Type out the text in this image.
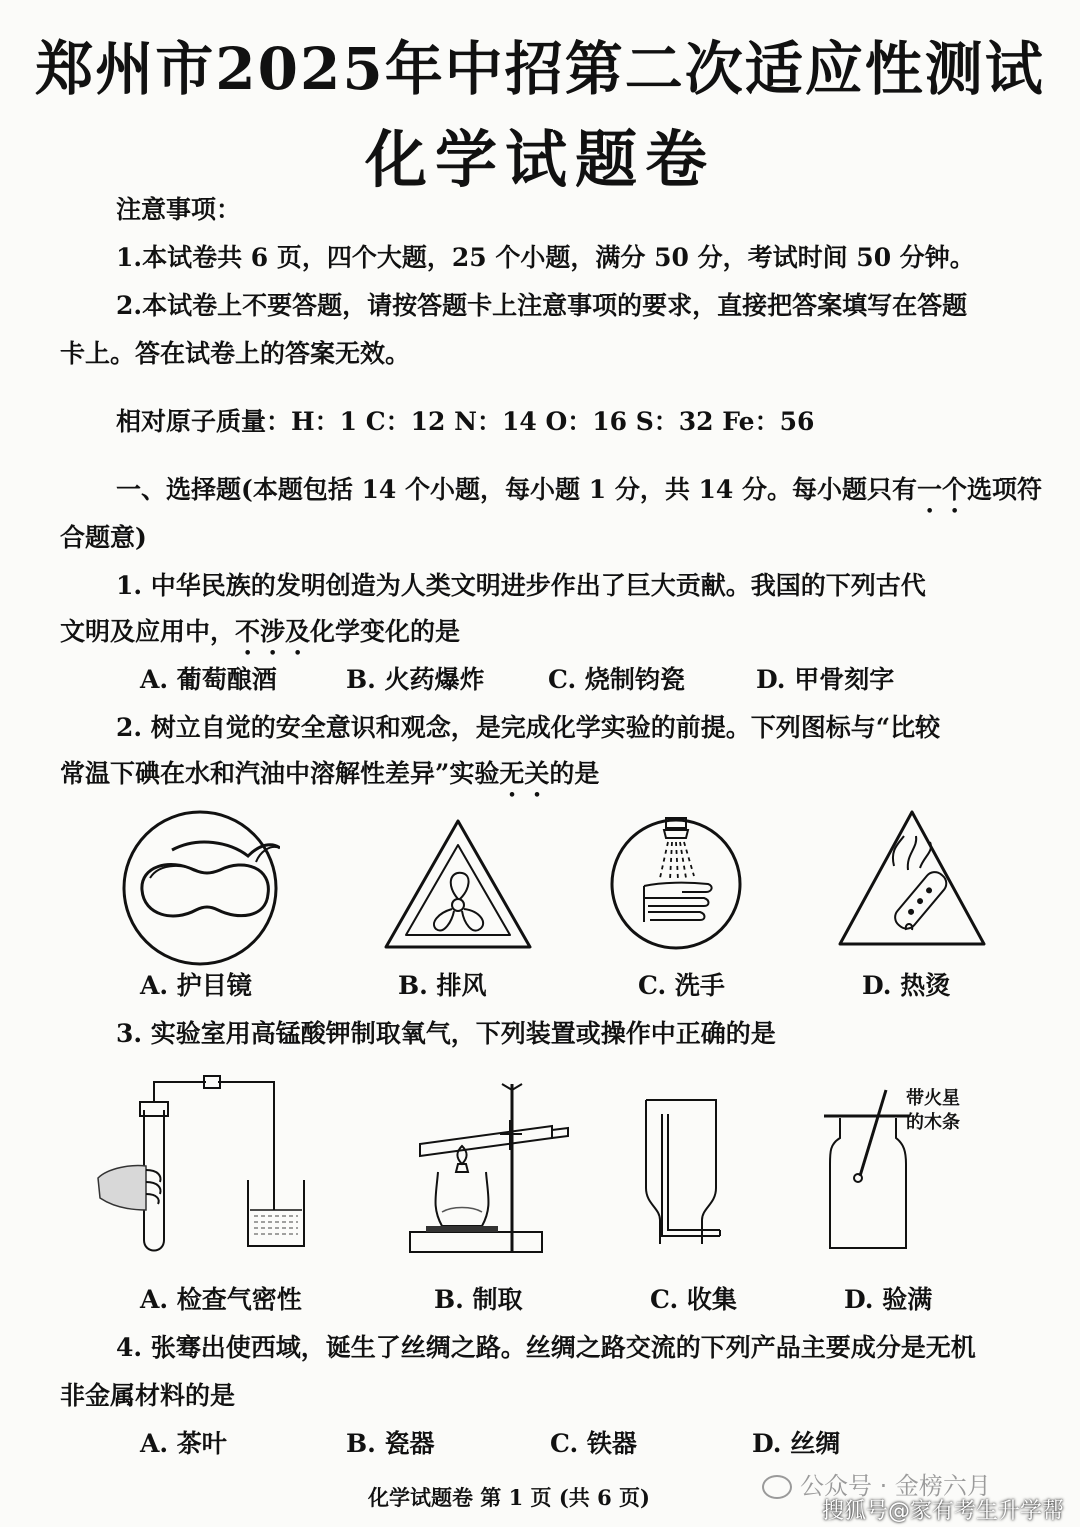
郑州市2025年中招第二次适应性测试
化学试题卷
注意事项：
1.本试卷共 6 页，四个大题，25 个小题，满分 50 分，考试时间 50 分钟。
2.本试卷上不要答题，请按答题卡上注意事项的要求，直接把答案填写在答题
卡上。答在试卷上的答案无效。
相对原子质量：H：1 C：12 N：14 O：16 S：32 Fe：56
一、选择题(本题包括 14 个小题，每小题 1 分，共 14 分。每小题只有一个选项符
合题意)
1. 中华民族的发明创造为人类文明进步作出了巨大贡献。我国的下列古代
文明及应用中，不涉及化学变化的是
A. 葡萄酿酒	B. 火药爆炸	C. 烧制钧瓷	D. 甲骨刻字
2. 树立自觉的安全意识和观念，是完成化学实验的前提。下列图标与“比较
常温下碘在水和汽油中溶解性差异”实验无关的是
A. 护目镜	B. 排风	C. 洗手	D. 热烫
3. 实验室用高锰酸钾制取氧气，下列装置或操作中正确的是
带火星
的木条
A. 检查气密性	B. 制取	C. 收集	D. 验满
4. 张骞出使西域，诞生了丝绸之路。丝绸之路交流的下列产品主要成分是无机
非金属材料的是
A. 茶叶	B. 瓷器	C. 铁器	D. 丝绸
化学试题卷 第 1 页 (共 6 页)	公众号 · 金榜六月
搜狐号@家有考生升学帮
